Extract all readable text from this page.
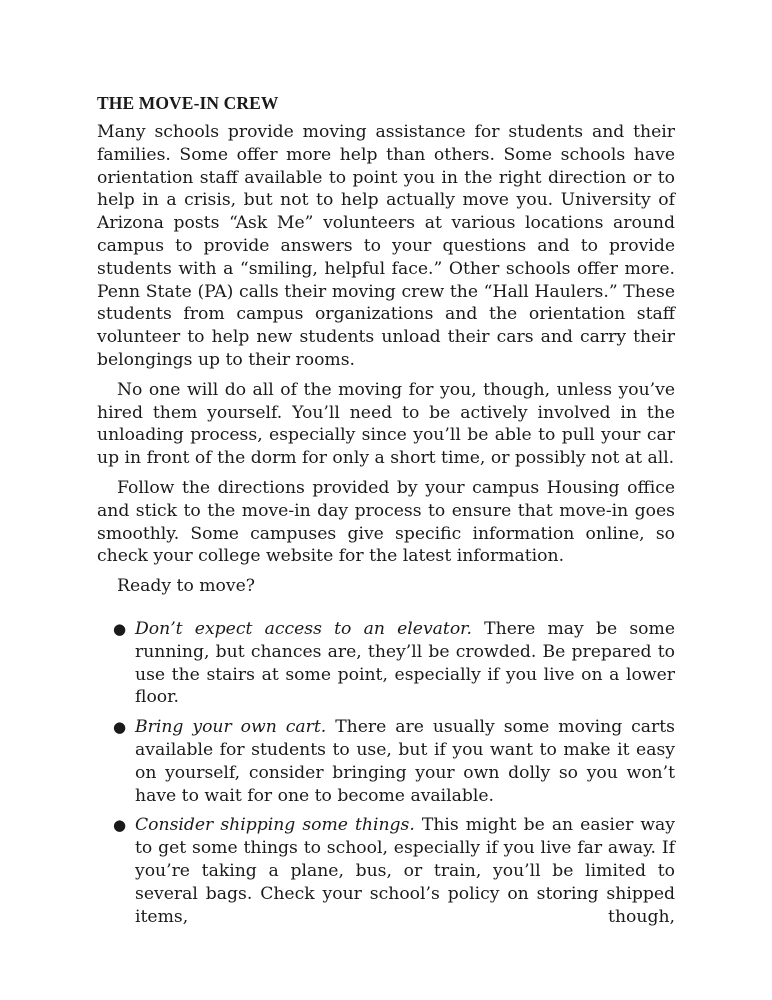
THE MOVE-IN CREW

Many schools provide moving assistance for students and their families. Some offer more help than others. Some schools have orientation staff available to point you in the right direction or to help in a crisis, but not to help actually move you. University of Arizona posts “Ask Me” volunteers at various locations around campus to provide answers to your questions and to provide students with a “smiling, helpful face.” Other schools offer more. Penn State (PA) calls their moving crew the “Hall Haulers.” These students from campus organizations and the orientation staff volunteer to help new students unload their cars and carry their belongings up to their rooms.

No one will do all of the moving for you, though, unless you’ve hired them yourself. You’ll need to be actively involved in the unloading process, especially since you’ll be able to pull your car up in front of the dorm for only a short time, or possibly not at all.

Follow the directions provided by your campus Housing office and stick to the move-in day process to ensure that move-in goes smoothly. Some campuses give specific information online, so check your college website for the latest information.

Ready to move?

● Don’t expect access to an elevator. There may be some running, but chances are, they’ll be crowded. Be prepared to use the stairs at some point, especially if you live on a lower floor.
● Bring your own cart. There are usually some moving carts available for students to use, but if you want to make it easy on yourself, consider bringing your own dolly so you won’t have to wait for one to become available.
● Consider shipping some things. This might be an easier way to get some things to school, especially if you live far away. If you’re taking a plane, bus, or train, you’ll be limited to several bags. Check your school’s policy on storing shipped items, though,
